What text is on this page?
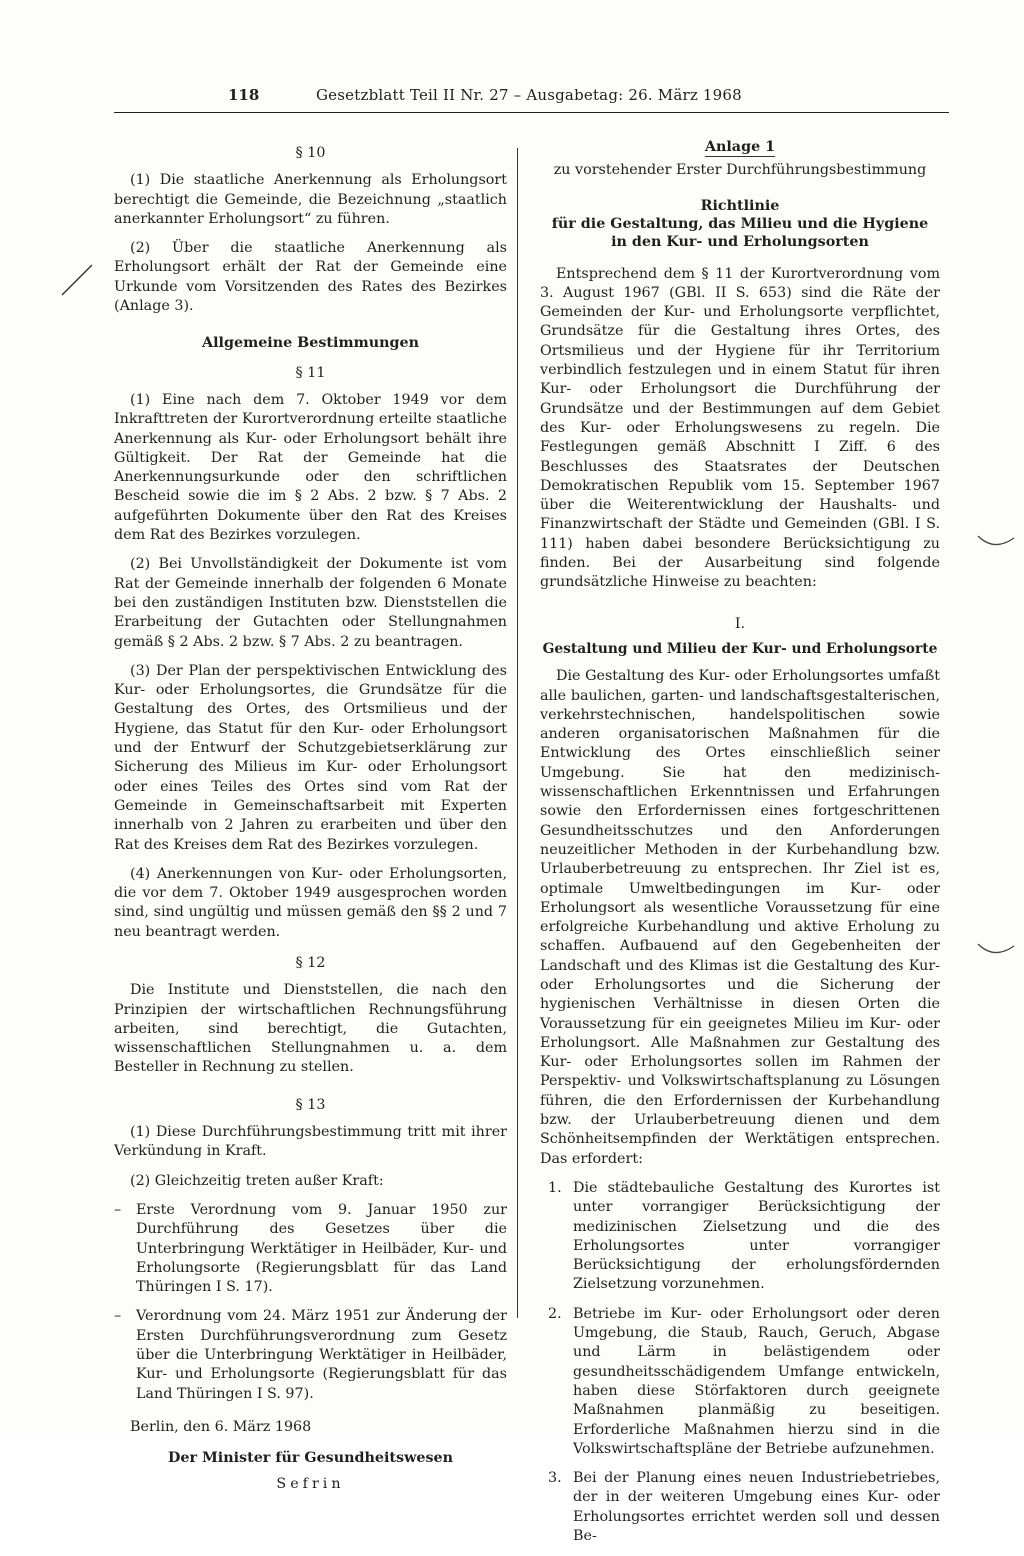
118	Gesetzblatt Teil II Nr. 27 – Ausgabetag: 26. März 1968
§ 10

(1) Die staatliche Anerkennung als Erholungsort berechtigt die Gemeinde, die Bezeichnung „staatlich anerkannter Erholungsort“ zu führen.

(2) Über die staatliche Anerkennung als Erholungsort erhält der Rat der Gemeinde eine Urkunde vom Vorsitzenden des Rates des Bezirkes (Anlage 3).

Allgemeine Bestimmungen
§ 11

(1) Eine nach dem 7. Oktober 1949 vor dem Inkrafttreten der Kurortverordnung erteilte staatliche Anerkennung als Kur- oder Erholungsort behält ihre Gültigkeit. Der Rat der Gemeinde hat die Anerkennungsurkunde oder den schriftlichen Bescheid sowie die im § 2 Abs. 2 bzw. § 7 Abs. 2 aufgeführten Dokumente über den Rat des Kreises dem Rat des Bezirkes vorzulegen.

(2) Bei Unvollständigkeit der Dokumente ist vom Rat der Gemeinde innerhalb der folgenden 6 Monate bei den zuständigen Instituten bzw. Dienststellen die Erarbeitung der Gutachten oder Stellungnahmen gemäß § 2 Abs. 2 bzw. § 7 Abs. 2 zu beantragen.

(3) Der Plan der perspektivischen Entwicklung des Kur- oder Erholungsortes, die Grundsätze für die Gestaltung des Ortes, des Ortsmilieus und der Hygiene, das Statut für den Kur- oder Erholungsort und der Entwurf der Schutzgebietserklärung zur Sicherung des Milieus im Kur- oder Erholungsort oder eines Teiles des Ortes sind vom Rat der Gemeinde in Gemeinschaftsarbeit mit Experten innerhalb von 2 Jahren zu erarbeiten und über den Rat des Kreises dem Rat des Bezirkes vorzulegen.

(4) Anerkennungen von Kur- oder Erholungsorten, die vor dem 7. Oktober 1949 ausgesprochen worden sind, sind ungültig und müssen gemäß den §§ 2 und 7 neu beantragt werden.

§ 12

Die Institute und Dienststellen, die nach den Prinzipien der wirtschaftlichen Rechnungsführung arbeiten, sind berechtigt, die Gutachten, wissenschaftlichen Stellungnahmen u. a. dem Besteller in Rechnung zu stellen.

§ 13

(1) Diese Durchführungsbestimmung tritt mit ihrer Verkündung in Kraft.

(2) Gleichzeitig treten außer Kraft:

– Erste Verordnung vom 9. Januar 1950 zur Durchführung des Gesetzes über die Unterbringung Werktätiger in Heilbäder, Kur- und Erholungsorte (Regierungsblatt für das Land Thüringen I S. 17).
– Verordnung vom 24. März 1951 zur Änderung der Ersten Durchführungsverordnung zum Gesetz über die Unterbringung Werktätiger in Heilbäder, Kur- und Erholungsorte (Regierungsblatt für das Land Thüringen I S. 97).
Berlin, den 6. März 1968
Der Minister für Gesundheitswesen
Sefrin
Anlage 1
zu vorstehender Erster Durchführungsbestimmung
Richtlinie
für die Gestaltung, das Milieu und die Hygiene
in den Kur- und Erholungsorten

Entsprechend dem § 11 der Kurortverordnung vom 3. August 1967 (GBl. II S. 653) sind die Räte der Gemeinden der Kur- und Erholungsorte verpflichtet, Grundsätze für die Gestaltung ihres Ortes, des Ortsmilieus und der Hygiene für ihr Territorium verbindlich festzulegen und in einem Statut für ihren Kur- oder Erholungsort die Durchführung der Grundsätze und der Bestimmungen auf dem Gebiet des Kur- oder Erholungswesens zu regeln. Die Festlegungen gemäß Abschnitt I Ziff. 6 des Beschlusses des Staatsrates der Deutschen Demokratischen Republik vom 15. September 1967 über die Weiterentwicklung der Haushalts- und Finanzwirtschaft der Städte und Gemeinden (GBl. I S. 111) haben dabei besondere Berücksichtigung zu finden. Bei der Ausarbeitung sind folgende grundsätzliche Hinweise zu beachten:

I.
Gestaltung und Milieu der Kur- und Erholungsorte

Die Gestaltung des Kur- oder Erholungsortes umfaßt alle baulichen, garten- und landschaftsgestalterischen, verkehrstechnischen, handelspolitischen sowie anderen organisatorischen Maßnahmen für die Entwicklung des Ortes einschließlich seiner Umgebung. Sie hat den medizinisch-wissenschaftlichen Erkenntnissen und Erfahrungen sowie den Erfordernissen eines fortgeschrittenen Gesundheitsschutzes und den Anforderungen neuzeitlicher Methoden in der Kurbehandlung bzw. Urlauberbetreuung zu entsprechen. Ihr Ziel ist es, optimale Umweltbedingungen im Kur- oder Erholungsort als wesentliche Voraussetzung für eine erfolgreiche Kurbehandlung und aktive Erholung zu schaffen. Aufbauend auf den Gegebenheiten der Landschaft und des Klimas ist die Gestaltung des Kur- oder Erholungsortes und die Sicherung der hygienischen Verhältnisse in diesen Orten die Voraussetzung für ein geeignetes Milieu im Kur- oder Erholungsort. Alle Maßnahmen zur Gestaltung des Kur- oder Erholungsortes sollen im Rahmen der Perspektiv- und Volkswirtschaftsplanung zu Lösungen führen, die den Erfordernissen der Kurbehandlung bzw. der Urlauberbetreuung dienen und dem Schönheitsempfinden der Werktätigen entsprechen. Das erfordert:

1. Die städtebauliche Gestaltung des Kurortes ist unter vorrangiger Berücksichtigung der medizinischen Zielsetzung und die des Erholungsortes unter vorrangiger Berücksichtigung der erholungsfördernden Zielsetzung vorzunehmen.
2. Betriebe im Kur- oder Erholungsort oder deren Umgebung, die Staub, Rauch, Geruch, Abgase und Lärm in belästigendem oder gesundheitsschädigendem Umfange entwickeln, haben diese Störfaktoren durch geeignete Maßnahmen planmäßig zu beseitigen. Erforderliche Maßnahmen hierzu sind in die Volkswirtschaftspläne der Betriebe aufzunehmen.
3. Bei der Planung eines neuen Industriebetriebes, der in der weiteren Umgebung eines Kur- oder Erholungsortes errichtet werden soll und dessen Be-
